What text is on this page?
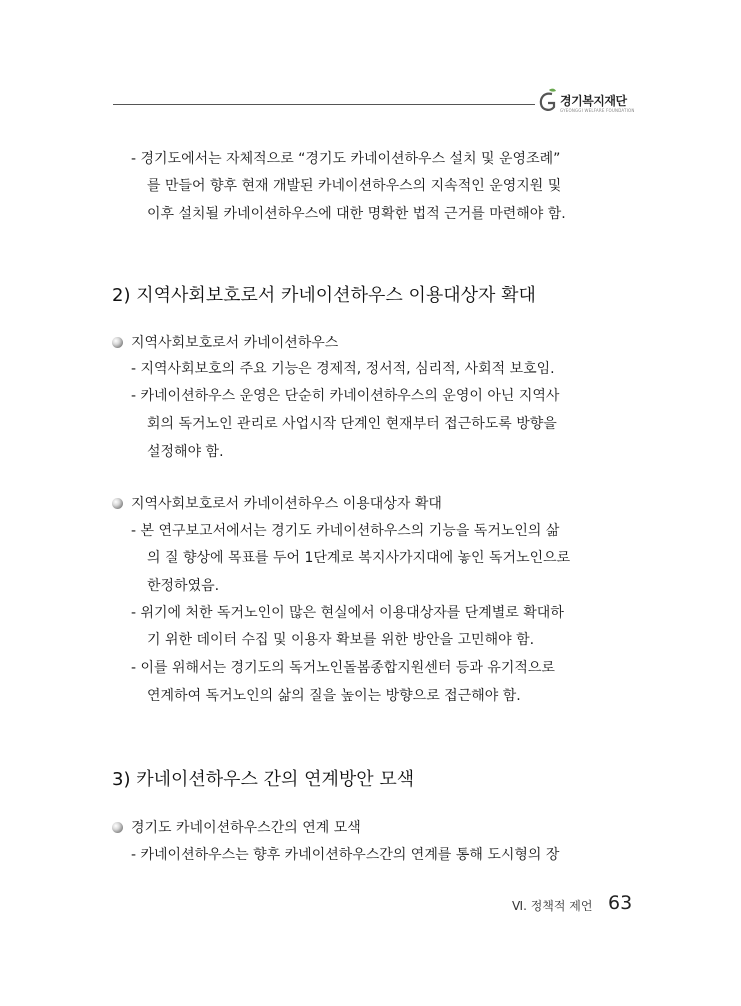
경기복지재단
GYEONGGI WELFARE FOUNDATION
- 경기도에서는 자체적으로 “경기도 카네이션하우스 설치 및 운영조례”
를 만들어 향후 현재 개발된 카네이션하우스의 지속적인 운영지원 및
이후 설치될 카네이션하우스에 대한 명확한 법적 근거를 마련해야 함.
2) 지역사회보호로서 카네이션하우스 이용대상자 확대
지역사회보호로서 카네이션하우스
- 지역사회보호의 주요 기능은 경제적, 정서적, 심리적, 사회적 보호임.
- 카네이션하우스 운영은 단순히 카네이션하우스의 운영이 아닌 지역사
회의 독거노인 관리로 사업시작 단계인 현재부터 접근하도록 방향을
설정해야 함.
지역사회보호로서 카네이션하우스 이용대상자 확대
- 본 연구보고서에서는 경기도 카네이션하우스의 기능을 독거노인의 삶
의 질 향상에 목표를 두어 1단계로 복지사가지대에 놓인 독거노인으로
한정하였음.
- 위기에 처한 독거노인이 많은 현실에서 이용대상자를 단계별로 확대하
기 위한 데이터 수집 및 이용자 확보를 위한 방안을 고민해야 함.
- 이를 위해서는 경기도의 독거노인돌봄종합지원센터 등과 유기적으로
연계하여 독거노인의 삶의 질을 높이는 방향으로 접근해야 함.
3) 카네이션하우스 간의 연계방안 모색
경기도 카네이션하우스간의 연계 모색
- 카네이션하우스는 향후 카네이션하우스간의 연계를 통해 도시형의 장
Ⅵ. 정책적 제언 63
